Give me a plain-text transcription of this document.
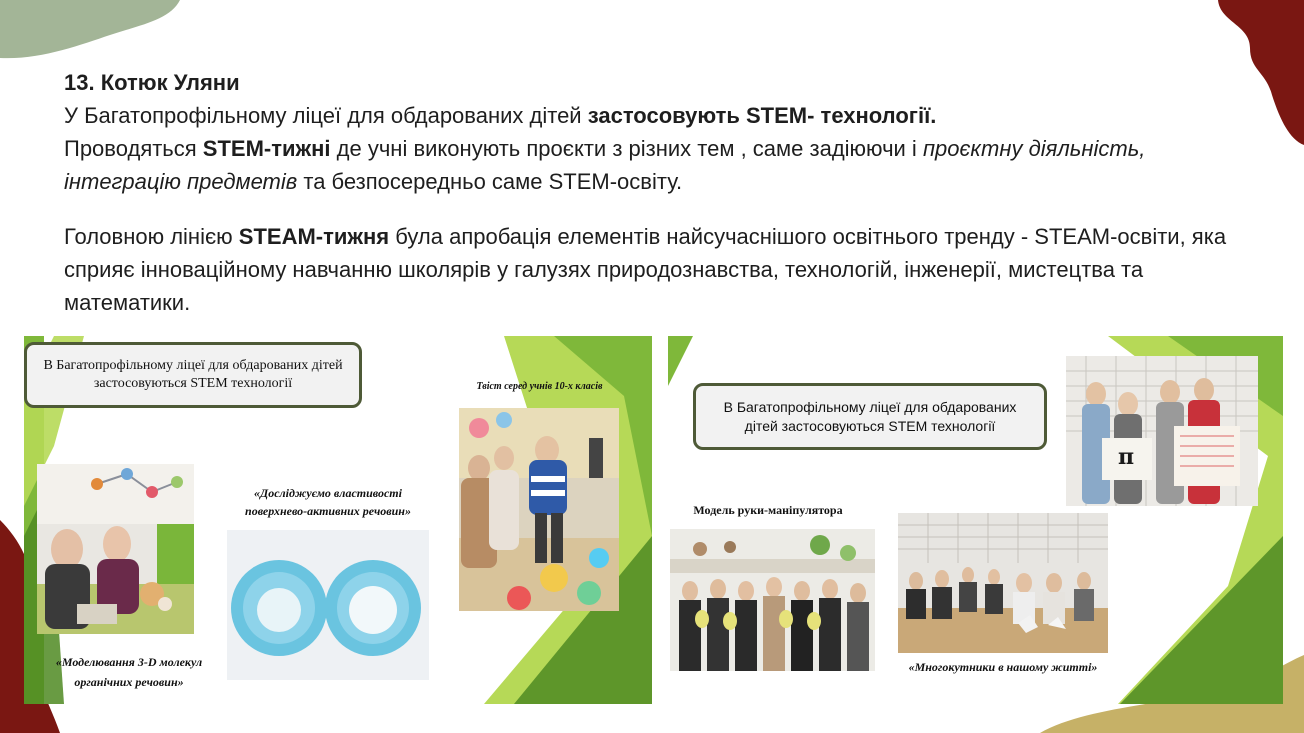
13. Котюк Уляни

У Багатопрофільному ліцеї для обдарованих дітей застосовують STEM- технології.

Проводяться STEM-тижні де учні виконують проєкти з різних тем , саме задіюючи і проєктну діяльність, інтеграцію предметів та безпосередньо саме STEM-освіту.

Головною лінією STEAM-тижня була апробація елементів найсучаснішого освітнього тренду - STEAM-освіти, яка сприяє інноваційному навчанню школярів у галузях природознавства, технологій, інженерії, мистецтва та математики.

В Багатопрофільному ліцеї для обдарованих дітей застосовуються STEM технології	Твіст серед учнів 10-х класів
«Досліджуємо властивості поверхнево-активних речовин»
«Моделювання 3-D молекул органічних речовин»
В Багатопрофільному ліцеї для обдарованих дітей застосовуються STEM технології
π
Модель руки-маніпулятора
«Многокутники в нашому житті»
